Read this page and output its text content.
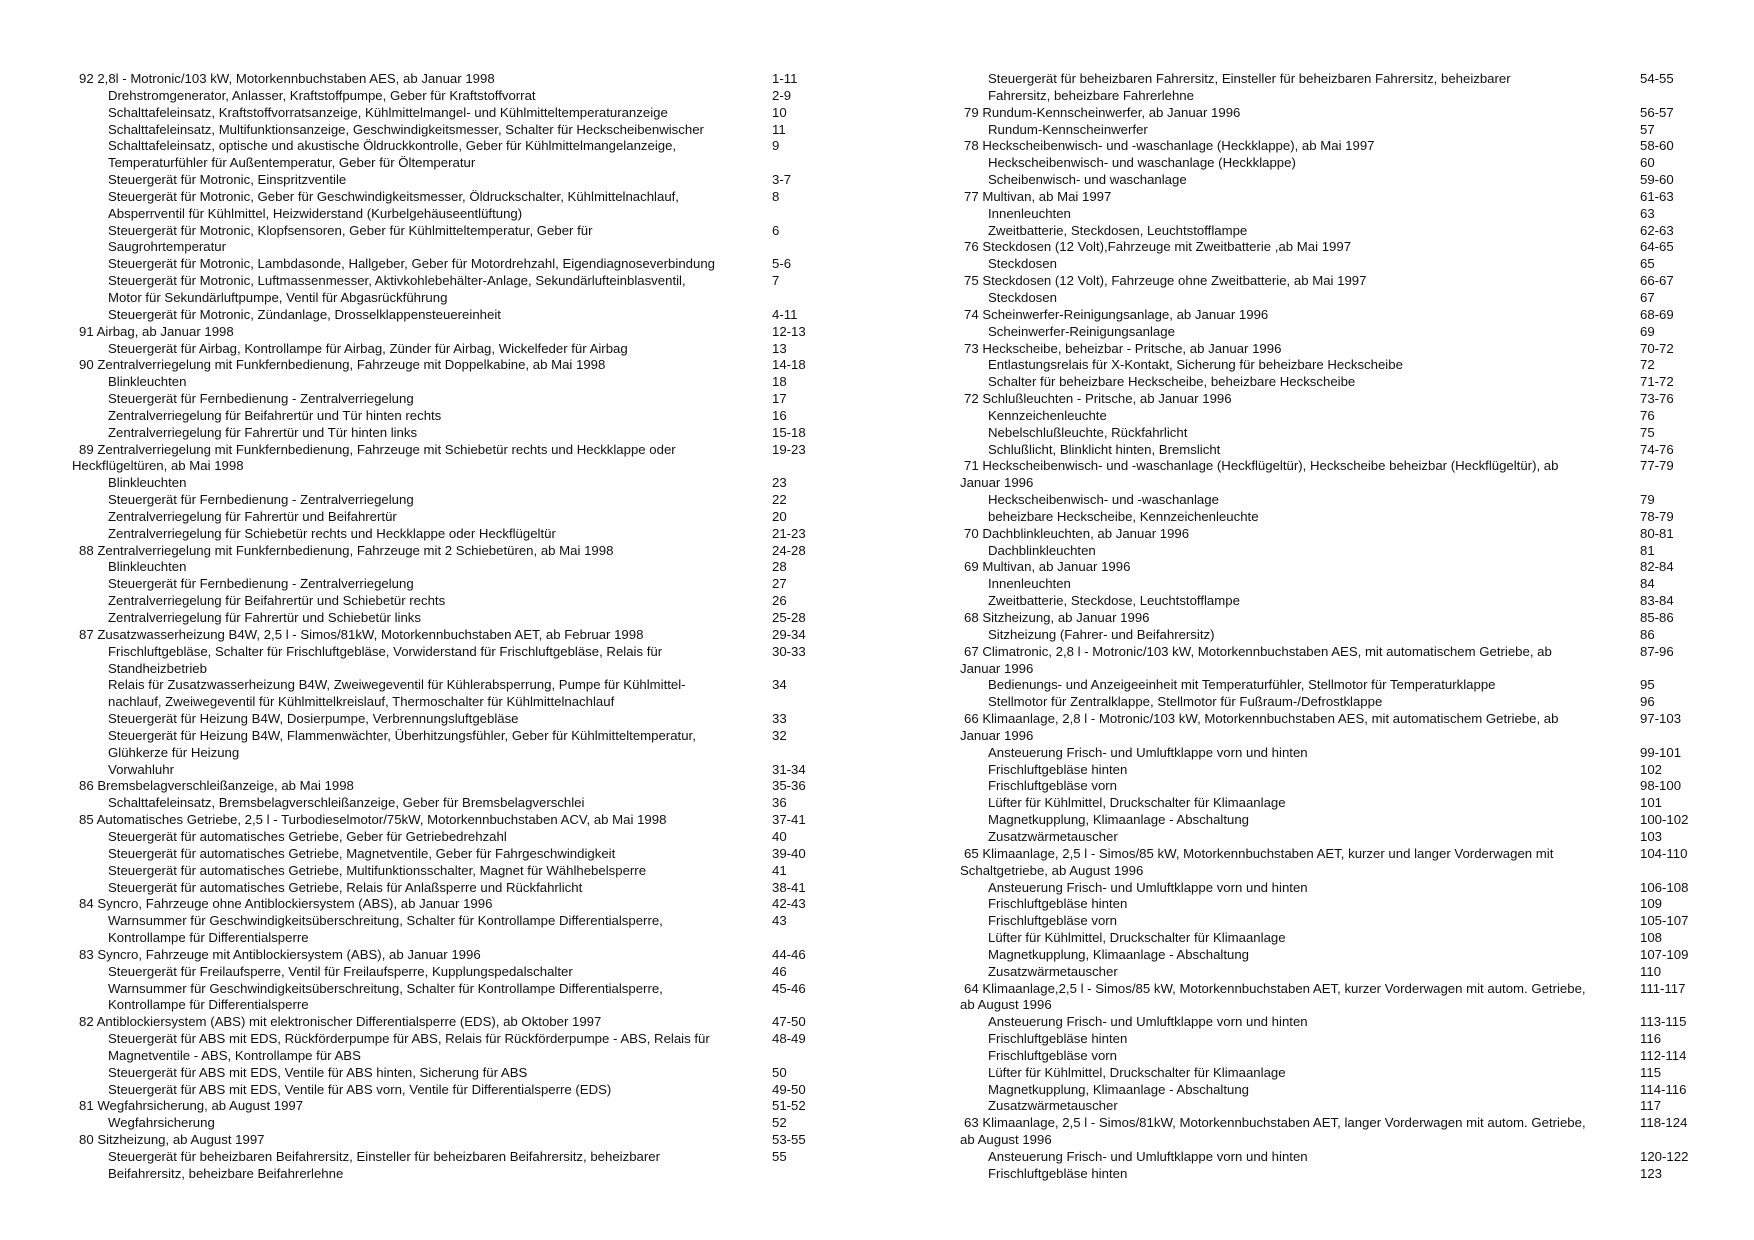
92 2,8l - Motronic/103 kW, Motorkennbuchstaben AES, ab Januar 1998	1-11
Drehstromgenerator, Anlasser, Kraftstoffpumpe, Geber für Kraftstoffvorrat	2-9
Schalttafeleinsatz, Kraftstoffvorratsanzeige, Kühlmittelmangel- und Kühlmitteltemperaturanzeige	10
Schalttafeleinsatz, Multifunktionsanzeige, Geschwindigkeitsmesser, Schalter für Heckscheibenwischer	11
Schalttafeleinsatz, optische und akustische Öldruckkontrolle, Geber für Kühlmittelmangelanzeige,	9
Temperaturfühler für Außentemperatur, Geber für Öltemperatur
Steuergerät für Motronic, Einspritzventile	3-7
Steuergerät für Motronic, Geber für Geschwindigkeitsmesser, Öldruckschalter, Kühlmittelnachlauf,	8
Absperrventil für Kühlmittel, Heizwiderstand (Kurbelgehäuseentlüftung)
Steuergerät für Motronic, Klopfsensoren, Geber für Kühlmitteltemperatur, Geber für	6
Saugrohrtemperatur
Steuergerät für Motronic, Lambdasonde, Hallgeber, Geber für Motordrehzahl, Eigendiagnoseverbindung	5-6
Steuergerät für Motronic, Luftmassenmesser, Aktivkohlebehälter-Anlage, Sekundärlufteinblasventil,	7
Motor für Sekundärluftpumpe, Ventil für Abgasrückführung
Steuergerät für Motronic, Zündanlage, Drosselklappensteuereinheit	4-11
91 Airbag, ab Januar 1998	12-13
Steuergerät für Airbag, Kontrollampe für Airbag, Zünder für Airbag, Wickelfeder für Airbag	13
90 Zentralverriegelung mit Funkfernbedienung, Fahrzeuge mit Doppelkabine, ab Mai 1998	14-18
Blinkleuchten	18
Steuergerät für Fernbedienung - Zentralverriegelung	17
Zentralverriegelung für Beifahrertür und Tür hinten rechts	16
Zentralverriegelung für Fahrertür und Tür hinten links	15-18
89 Zentralverriegelung mit Funkfernbedienung, Fahrzeuge mit Schiebetür rechts und Heckklappe oder	19-23
Heckflügeltüren, ab Mai 1998
Blinkleuchten	23
Steuergerät für Fernbedienung - Zentralverriegelung	22
Zentralverriegelung für Fahrertür und Beifahrertür	20
Zentralverriegelung für Schiebetür rechts und Heckklappe oder Heckflügeltür	21-23
88 Zentralverriegelung mit Funkfernbedienung, Fahrzeuge mit 2 Schiebetüren, ab Mai 1998	24-28
Blinkleuchten	28
Steuergerät für Fernbedienung - Zentralverriegelung	27
Zentralverriegelung für Beifahrertür und Schiebetür rechts	26
Zentralverriegelung für Fahrertür und Schiebetür links	25-28
87 Zusatzwasserheizung B4W, 2,5 l - Simos/81kW, Motorkennbuchstaben AET, ab Februar 1998	29-34
Frischluftgebläse, Schalter für Frischluftgebläse, Vorwiderstand für Frischluftgebläse, Relais für	30-33
Standheizbetrieb
Relais für Zusatzwasserheizung B4W, Zweiwegeventil für Kühlerabsperrung, Pumpe für Kühlmittel-	34
nachlauf, Zweiwegeventil für Kühlmittelkreislauf, Thermoschalter für Kühlmittelnachlauf
Steuergerät für Heizung B4W, Dosierpumpe, Verbrennungsluftgebläse	33
Steuergerät für Heizung B4W, Flammenwächter, Überhitzungsfühler, Geber für Kühlmitteltemperatur,	32
Glühkerze für Heizung
Vorwahluhr	31-34
86 Bremsbelagverschleißanzeige, ab Mai 1998	35-36
Schalttafeleinsatz, Bremsbelagverschleißanzeige, Geber für Bremsbelagverschlei	36
85 Automatisches Getriebe, 2,5 l - Turbodieselmotor/75kW, Motorkennbuchstaben ACV, ab Mai 1998	37-41
Steuergerät für automatisches Getriebe, Geber für Getriebedrehzahl	40
Steuergerät für automatisches Getriebe, Magnetventile, Geber für Fahrgeschwindigkeit	39-40
Steuergerät für automatisches Getriebe, Multifunktionsschalter, Magnet für Wählhebelsperre	41
Steuergerät für automatisches Getriebe, Relais für Anlaßsperre und Rückfahrlicht	38-41
84 Syncro, Fahrzeuge ohne Antiblockiersystem (ABS), ab Januar 1996	42-43
Warnsummer für Geschwindigkeitsüberschreitung, Schalter für Kontrollampe Differentialsperre,	43
Kontrollampe für Differentialsperre
83 Syncro, Fahrzeuge mit Antiblockiersystem (ABS), ab Januar 1996	44-46
Steuergerät für Freilaufsperre, Ventil für Freilaufsperre, Kupplungspedalschalter	46
Warnsummer für Geschwindigkeitsüberschreitung, Schalter für Kontrollampe Differentialsperre,	45-46
Kontrollampe für Differentialsperre
82 Antiblockiersystem (ABS) mit elektronischer Differentialsperre (EDS), ab Oktober 1997	47-50
Steuergerät für ABS mit EDS, Rückförderpumpe für ABS, Relais für Rückförderpumpe - ABS, Relais für	48-49
Magnetventile - ABS, Kontrollampe für ABS
Steuergerät für ABS mit EDS, Ventile für ABS hinten, Sicherung für ABS	50
Steuergerät für ABS mit EDS, Ventile für ABS vorn, Ventile für Differentialsperre (EDS)	49-50
81 Wegfahrsicherung, ab August 1997	51-52
Wegfahrsicherung	52
80 Sitzheizung, ab August 1997	53-55
Steuergerät für beheizbaren Beifahrersitz, Einsteller für beheizbaren Beifahrersitz, beheizbarer	55
Beifahrersitz, beheizbare Beifahrerlehne
Steuergerät für beheizbaren Fahrersitz, Einsteller für beheizbaren Fahrersitz, beheizbarer	54-55
Fahrersitz, beheizbare Fahrerlehne
79 Rundum-Kennscheinwerfer, ab Januar 1996	56-57
Rundum-Kennscheinwerfer	57
78 Heckscheibenwisch- und -waschanlage (Heckklappe), ab Mai 1997	58-60
Heckscheibenwisch- und waschanlage (Heckklappe)	60
Scheibenwisch- und waschanlage	59-60
77 Multivan, ab Mai 1997	61-63
Innenleuchten	63
Zweitbatterie, Steckdosen, Leuchtstofflampe	62-63
76 Steckdosen (12 Volt),Fahrzeuge mit Zweitbatterie ,ab Mai 1997	64-65
Steckdosen	65
75 Steckdosen (12 Volt), Fahrzeuge ohne Zweitbatterie, ab Mai 1997	66-67
Steckdosen	67
74 Scheinwerfer-Reinigungsanlage, ab Januar 1996	68-69
Scheinwerfer-Reinigungsanlage	69
73 Heckscheibe, beheizbar - Pritsche, ab Januar 1996	70-72
Entlastungsrelais für X-Kontakt, Sicherung für beheizbare Heckscheibe	72
Schalter für beheizbare Heckscheibe, beheizbare Heckscheibe	71-72
72 Schlußleuchten - Pritsche, ab Januar 1996	73-76
Kennzeichenleuchte	76
Nebelschlußleuchte, Rückfahrlicht	75
Schlußlicht, Blinklicht hinten, Bremslicht	74-76
71 Heckscheibenwisch- und -waschanlage (Heckflügeltür), Heckscheibe beheizbar (Heckflügeltür), ab	77-79
Januar 1996
Heckscheibenwisch- und -waschanlage	79
beheizbare Heckscheibe, Kennzeichenleuchte	78-79
70 Dachblinkleuchten, ab Januar 1996	80-81
Dachblinkleuchten	81
69 Multivan, ab Januar 1996	82-84
Innenleuchten	84
Zweitbatterie, Steckdose, Leuchtstofflampe	83-84
68 Sitzheizung, ab Januar 1996	85-86
Sitzheizung (Fahrer- und Beifahrersitz)	86
67 Climatronic, 2,8 l - Motronic/103 kW, Motorkennbuchstaben AES, mit automatischem Getriebe, ab	87-96
Januar 1996
Bedienungs- und Anzeigeeinheit mit Temperaturfühler, Stellmotor für Temperaturklappe	95
Stellmotor für Zentralklappe, Stellmotor für Fußraum-/Defrostklappe	96
66 Klimaanlage, 2,8 l - Motronic/103 kW, Motorkennbuchstaben AES, mit automatischem Getriebe, ab	97-103
Januar 1996
Ansteuerung Frisch- und Umluftklappe vorn und hinten	99-101
Frischluftgebläse hinten	102
Frischluftgebläse vorn	98-100
Lüfter für Kühlmittel, Druckschalter für Klimaanlage	101
Magnetkupplung, Klimaanlage - Abschaltung	100-102
Zusatzwärmetauscher	103
65 Klimaanlage, 2,5 l - Simos/85 kW, Motorkennbuchstaben AET, kurzer und langer Vorderwagen mit	104-110
Schaltgetriebe, ab August 1996
Ansteuerung Frisch- und Umluftklappe vorn und hinten	106-108
Frischluftgebläse hinten	109
Frischluftgebläse vorn	105-107
Lüfter für Kühlmittel, Druckschalter für Klimaanlage	108
Magnetkupplung, Klimaanlage - Abschaltung	107-109
Zusatzwärmetauscher	110
64 Klimaanlage,2,5 l - Simos/85 kW, Motorkennbuchstaben AET, kurzer Vorderwagen mit autom. Getriebe,	111-117
ab August 1996
Ansteuerung Frisch- und Umluftklappe vorn und hinten	113-115
Frischluftgebläse hinten	116
Frischluftgebläse vorn	112-114
Lüfter für Kühlmittel, Druckschalter für Klimaanlage	115
Magnetkupplung, Klimaanlage - Abschaltung	114-116
Zusatzwärmetauscher	117
63 Klimaanlage, 2,5 l - Simos/81kW, Motorkennbuchstaben AET, langer Vorderwagen mit autom. Getriebe,	118-124
ab August 1996
Ansteuerung Frisch- und Umluftklappe vorn und hinten	120-122
Frischluftgebläse hinten	123
